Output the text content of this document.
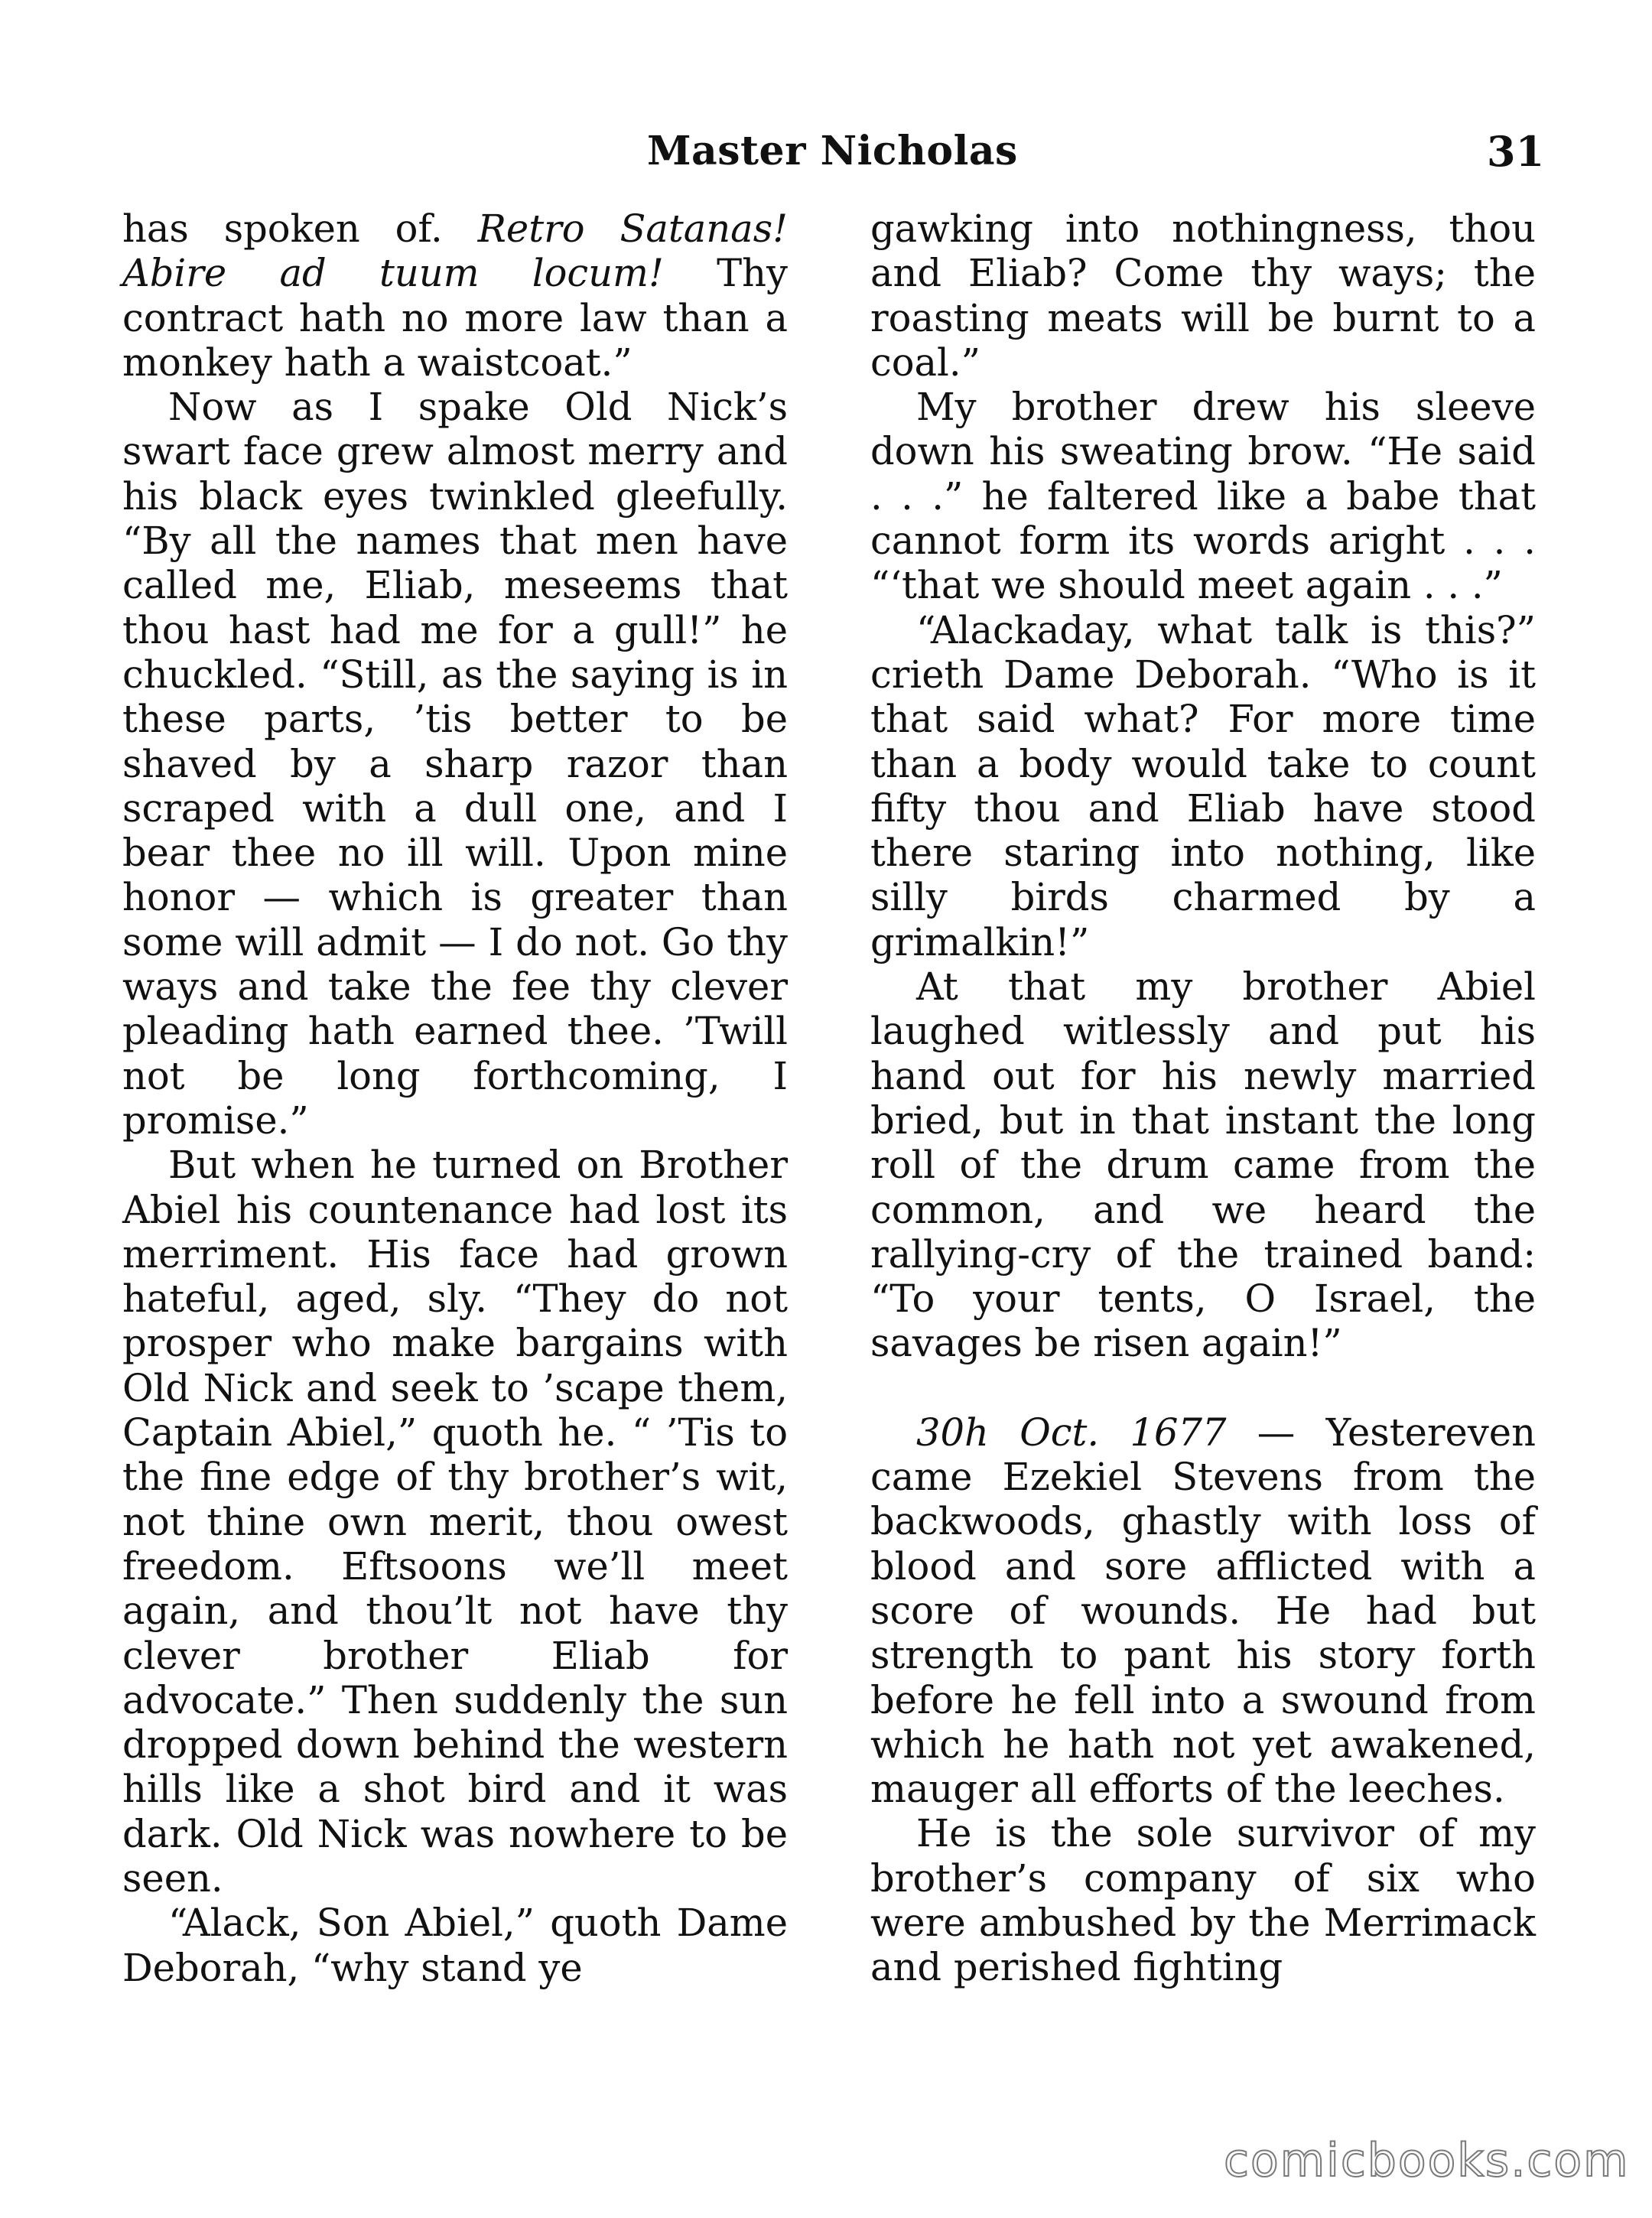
Master Nicholas	31

has spoken of. Retro Satanas! Abire ad tuum locum! Thy contract hath no more law than a monkey hath a waistcoat.”

Now as I spake Old Nick’s swart face grew almost merry and his black eyes twinkled gleefully. “By all the names that men have called me, Eliab, meseems that thou hast had me for a gull!” he chuckled. “Still, as the saying is in these parts, ’tis better to be shaved by a sharp razor than scraped with a dull one, and I bear thee no ill will. Upon mine honor — which is greater than some will admit — I do not. Go thy ways and take the fee thy clever pleading hath earned thee. ’Twill not be long forthcoming, I promise.”

But when he turned on Brother Abiel his countenance had lost its merriment. His face had grown hateful, aged, sly. “They do not prosper who make bargains with Old Nick and seek to ’scape them, Captain Abiel,” quoth he. “ ’Tis to the fine edge of thy brother’s wit, not thine own merit, thou owest freedom. Eftsoons we’ll meet again, and thou’lt not have thy clever brother Eliab for advocate.” Then suddenly the sun dropped down behind the western hills like a shot bird and it was dark. Old Nick was nowhere to be seen.

“Alack, Son Abiel,” quoth Dame Deborah, “why stand ye

gawking into nothingness, thou and Eliab? Come thy ways; the roasting meats will be burnt to a coal.”

My brother drew his sleeve down his sweating brow. “He said . . .” he faltered like a babe that cannot form its words aright . . . “‘that we should meet again . . .”

“Alackaday, what talk is this?” crieth Dame Deborah. “Who is it that said what? For more time than a body would take to count fifty thou and Eliab have stood there staring into nothing, like silly birds charmed by a grimalkin!”

At that my brother Abiel laughed witlessly and put his hand out for his newly married bried, but in that instant the long roll of the drum came from the common, and we heard the rallying-cry of the trained band: “To your tents, O Israel, the savages be risen again!”

30h Oct. 1677 — Yestereven came Ezekiel Stevens from the backwoods, ghastly with loss of blood and sore afflicted with a score of wounds. He had but strength to pant his story forth before he fell into a swound from which he hath not yet awakened, mauger all efforts of the leeches.

He is the sole survivor of my brother’s company of six who were ambushed by the Merrimack and perished fighting

comicbooks.com
